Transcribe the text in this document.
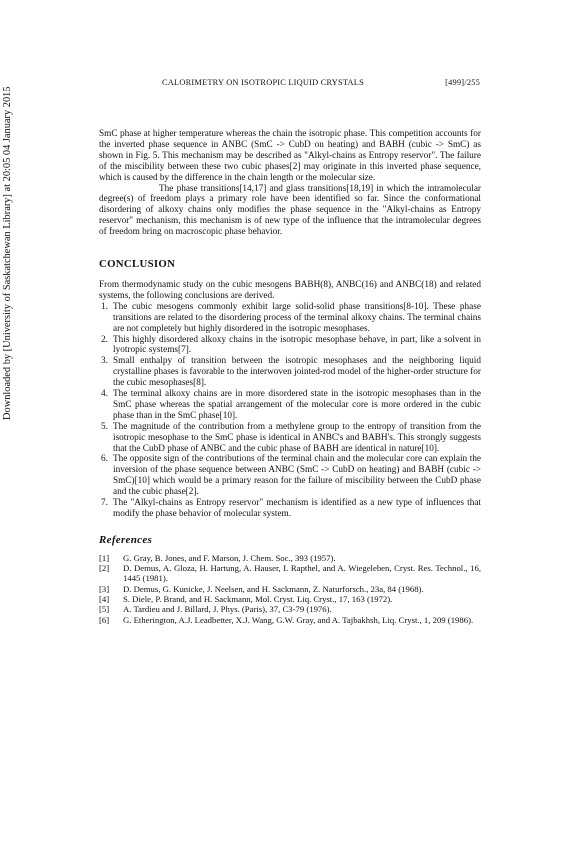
CALORIMETRY ON ISOTROPIC LIQUID CRYSTALS	[499]/255
Downloaded by [University of Saskatchewan Library] at 20:05 04 January 2015	SmC phase at higher temperature whereas the chain the isotropic phase. This competition accounts for the inverted phase sequence in ANBC (SmC -> CubD on heating) and BABH (cubic -> SmC) as shown in Fig. 5. This mechanism may be described as "Alkyl-chains as Entropy reservor". The failure of the miscibility between these two cubic phases[2] may originate in this inverted phase sequence, which is caused by the difference in the chain length or the molecular size.

The phase transitions[14,17] and glass transitions[18,19] in which the intramolecular degree(s) of freedom plays a primary role have been identified so far. Since the conformational disordering of alkoxy chains only modifies the phase sequence in the "Alkyl-chains as Entropy reservor" mechanism, this mechanism is of new type of the influence that the intramolecular degrees of freedom bring on macroscopic phase behavior.

CONCLUSION

From thermodynamic study on the cubic mesogens BABH(8), ANBC(16) and ANBC(18) and related systems, the following conclusions are derived.

1. The cubic mesogens commonly exhibit large solid-solid phase transitions[8-10]. These phase transitions are related to the disordering process of the terminal alkoxy chains. The terminal chains are not completely but highly disordered in the isotropic mesophases.
2. This highly disordered alkoxy chains in the isotropic mesophase behave, in part, like a solvent in lyotropic systems[7].
3. Small enthalpy of transition between the isotropic mesophases and the neighboring liquid crystalline phases is favorable to the interwoven jointed-rod model of the higher-order structure for the cubic mesophases[8].
4. The terminal alkoxy chains are in more disordered state in the isotropic mesophases than in the SmC phase whereas the spatial arrangement of the molecular core is more ordered in the cubic phase than in the SmC phase[10].
5. The magnitude of the contribution from a methylene group to the entropy of transition from the isotropic mesophase to the SmC phase is identical in ANBC's and BABH's. This strongly suggests that the CubD phase of ANBC and the cubic phase of BABH are identical in nature[10].
6. The opposite sign of the contributions of the terminal chain and the molecular core can explain the inversion of the phase sequence between ANBC (SmC -> CubD on heating) and BABH (cubic -> SmC)[10] which would be a primary reason for the failure of miscibility between the CubD phase and the cubic phase[2].
7. The "Alkyl-chains as Entropy reservor" mechanism is identified as a new type of influences that modify the phase behavior of molecular system.
References
[1] G. Gray, B. Jones, and F. Marson, J. Chem. Soc., 393 (1957).
[2] D. Demus, A. Gloza, H. Hartung, A. Hauser, I. Rapthel, and A. Wiegeleben, Cryst. Res. Technol., 16, 1445 (1981).
[3] D. Demus, G. Kunicke, J. Neelsen, and H. Sackmann, Z. Naturforsch., 23a, 84 (1968).
[4] S. Diele, P. Brand, and H. Sackmann, Mol. Cryst. Liq. Cryst., 17, 163 (1972).
[5] A. Tardieu and J. Billard, J. Phys. (Paris), 37, C3-79 (1976).
[6] G. Etherington, A.J. Leadbetter, X.J. Wang, G.W. Gray, and A. Tajbakhsh, Liq. Cryst., 1, 209 (1986).
